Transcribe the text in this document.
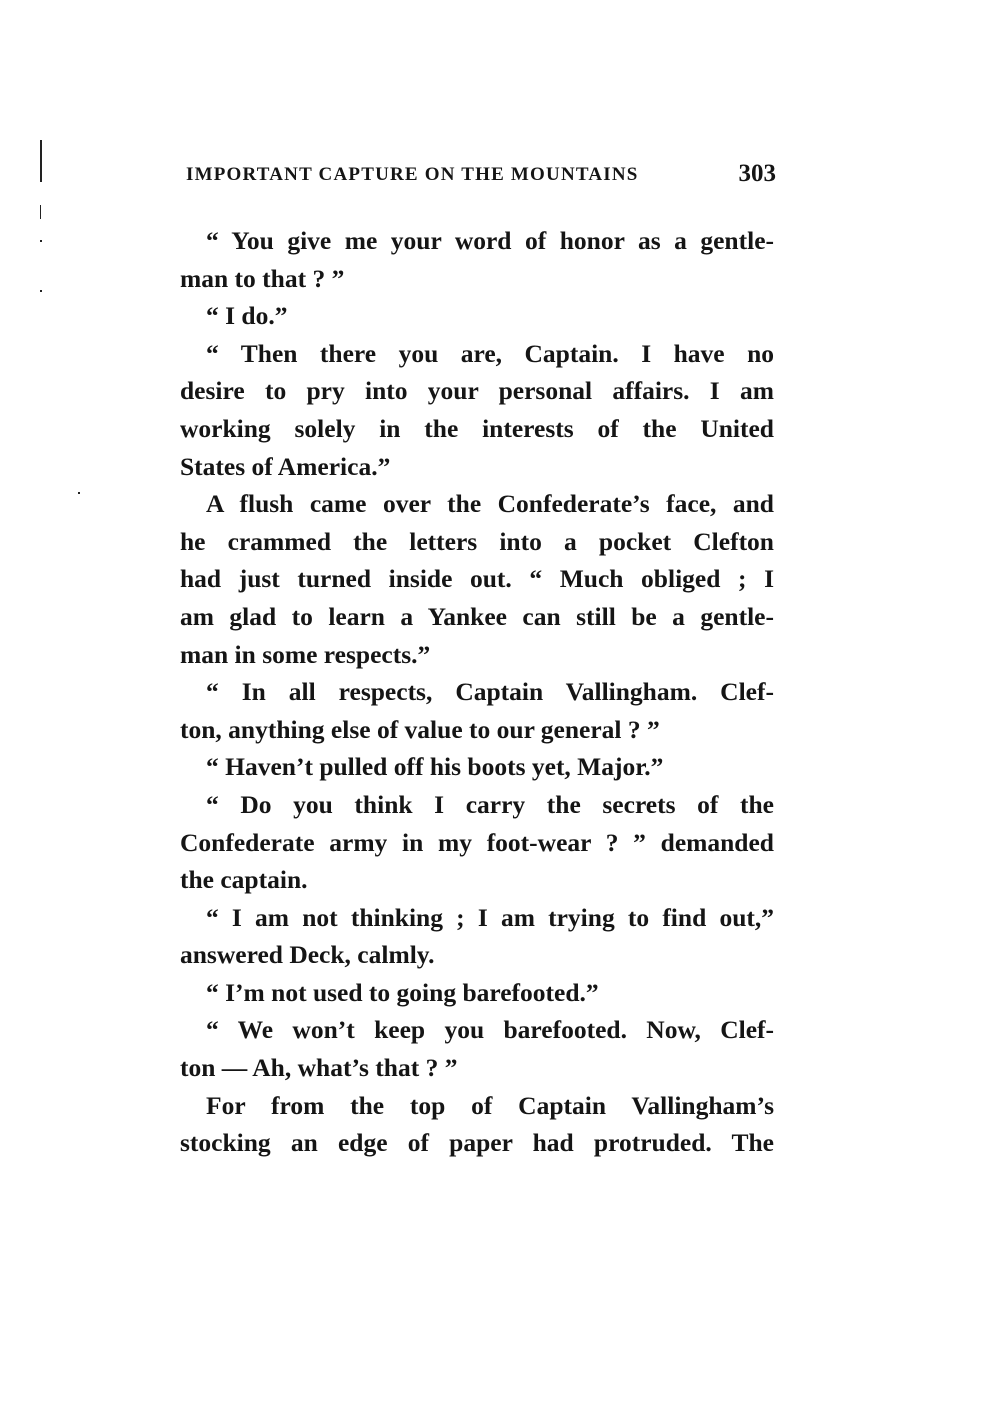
IMPORTANT CAPTURE ON THE MOUNTAINS	303
“ You give me your word of honor as a gentle-
man to that ? ”
“ I do.”
“ Then there you are, Captain. I have no
desire to pry into your personal affairs. I am
working solely in the interests of the United
States of America.”
A flush came over the Confederate’s face, and
he crammed the letters into a pocket Clefton
had just turned inside out. “ Much obliged ; I
am glad to learn a Yankee can still be a gentle-
man in some respects.”
“ In all respects, Captain Vallingham. Clef-
ton, anything else of value to our general ? ”
“ Haven’t pulled off his boots yet, Major.”
“ Do you think I carry the secrets of the
Confederate army in my foot-wear ? ” demanded
the captain.
“ I am not thinking ; I am trying to find out,”
answered Deck, calmly.
“ I’m not used to going barefooted.”
“ We won’t keep you barefooted. Now, Clef-
ton — Ah, what’s that ? ”
For from the top of Captain Vallingham’s
stocking an edge of paper had protruded. The
